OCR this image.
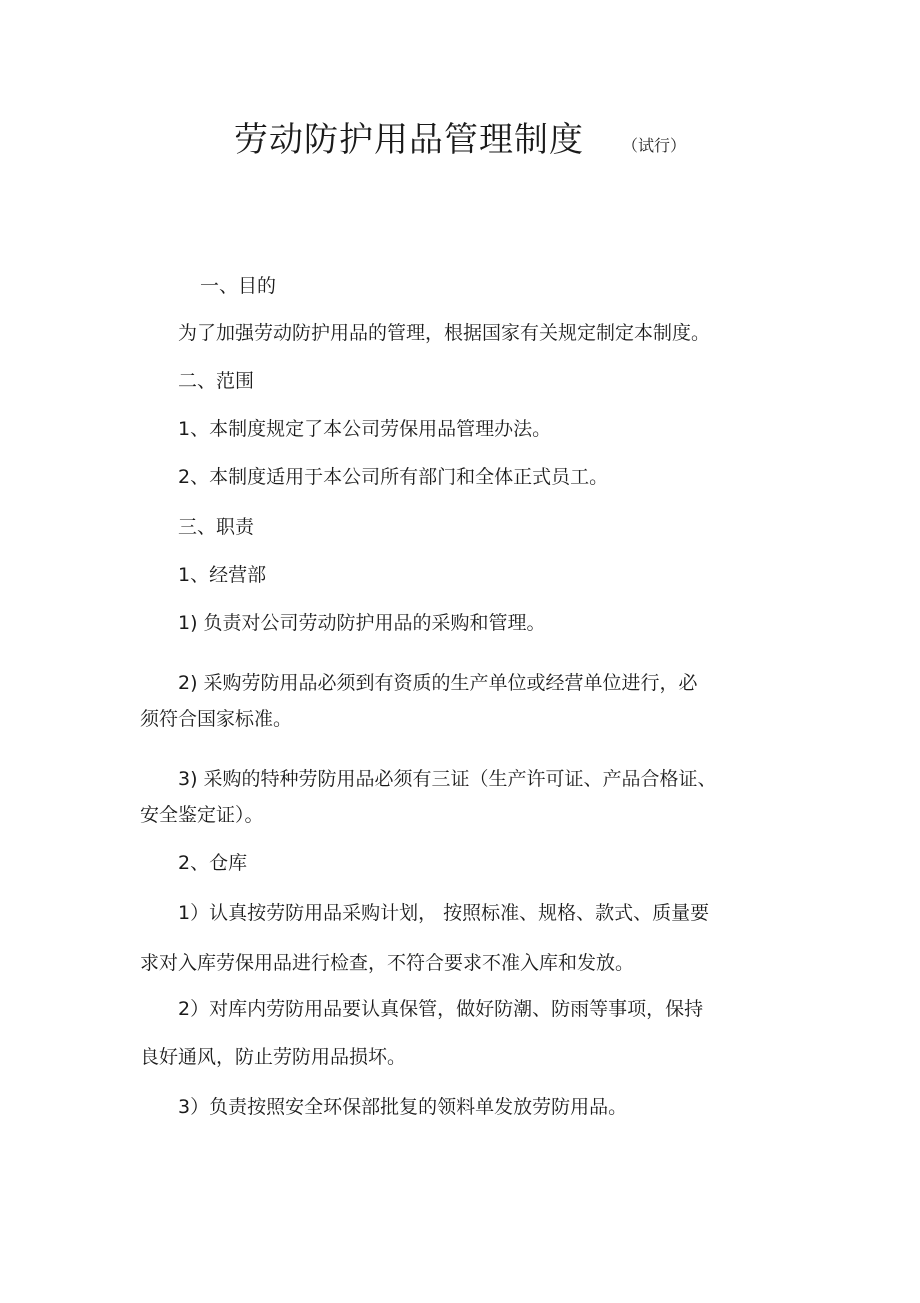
劳动防护用品管理制度 （试行）
一、目的
为了加强劳动防护用品的管理，根据国家有关规定制定本制度。
二、范围
1、本制度规定了本公司劳保用品管理办法。
2、本制度适用于本公司所有部门和全体正式员工。
三、职责
1、经营部
1) 负责对公司劳动防护用品的采购和管理。
2) 采购劳防用品必须到有资质的生产单位或经营单位进行，必
须符合国家标准。
3) 采购的特种劳防用品必须有三证（生产许可证、产品合格证、
安全鉴定证）。
2、仓库
1）认真按劳防用品采购计划， 按照标准、规格、款式、质量要
求对入库劳保用品进行检查，不符合要求不准入库和发放。
2）对库内劳防用品要认真保管，做好防潮、防雨等事项，保持
良好通风，防止劳防用品损坏。
3）负责按照安全环保部批复的领料单发放劳防用品。
